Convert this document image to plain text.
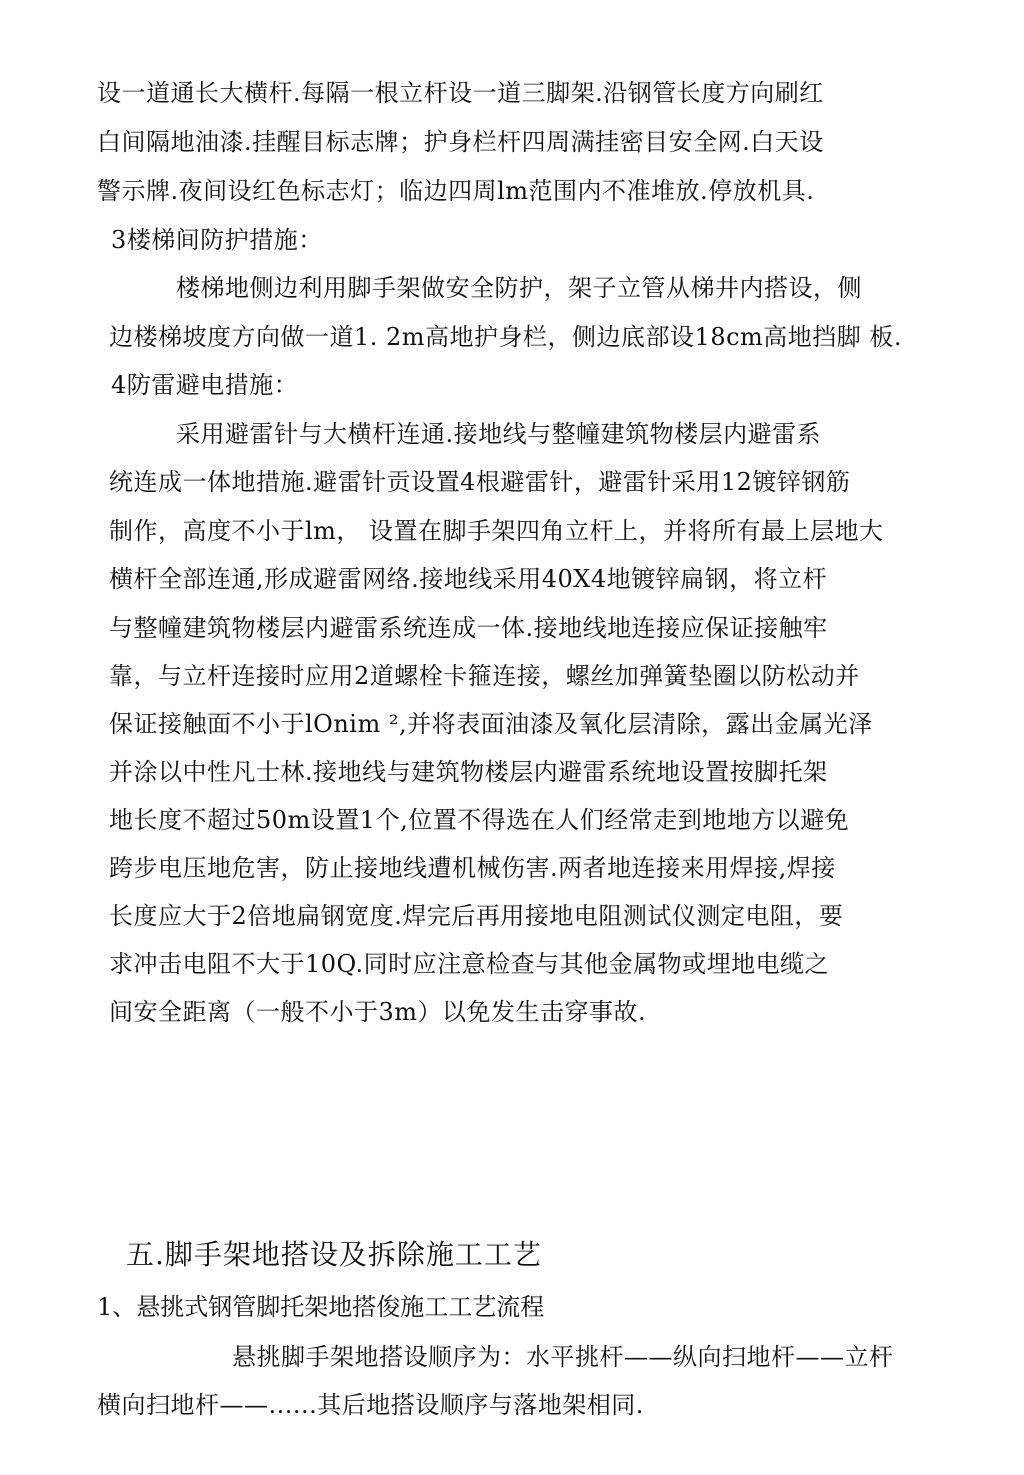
设一道通长大横杆.每隔一根立杆设一道三脚架.沿钢管长度方向刷红
白间隔地油漆.挂醒目标志牌；护身栏杆四周满挂密目安全网.白天设
警示牌.夜间设红色标志灯；临边四周lm范围内不准堆放.停放机具.
3楼梯间防护措施：
楼梯地侧边利用脚手架做安全防护，架子立管从梯井内搭设，侧
边楼梯坡度方向做一道1. 2m高地护身栏，侧边底部设18cm高地挡脚 板.
4防雷避电措施：
采用避雷针与大横杆连通.接地线与整幢建筑物楼层内避雷系
统连成一体地措施.避雷针贡设置4根避雷针，避雷针采用12镀锌钢筋
制作，高度不小于lm， 设置在脚手架四角立杆上，并将所有最上层地大
横杆全部连通,形成避雷网络.接地线采用40X4地镀锌扁钢，将立杆
与整幢建筑物楼层内避雷系统连成一体.接地线地连接应保证接触牢
靠，与立杆连接时应用2道螺栓卡箍连接，螺丝加弹簧垫圈以防松动并
保证接触面不小于lOnim ²,并将表面油漆及氧化层清除，露出金属光泽
并涂以中性凡士林.接地线与建筑物楼层内避雷系统地设置按脚托架
地长度不超过50m设置1个,位置不得选在人们经常走到地地方以避免
跨步电压地危害，防止接地线遭机械伤害.两者地连接来用焊接,焊接
长度应大于2倍地扁钢宽度.焊完后再用接地电阻测试仪测定电阻，要
求冲击电阻不大于10Q.同时应注意检查与其他金属物或埋地电缆之
间安全距离（一般不小于3m）以免发生击穿事故.
五.脚手架地搭设及拆除施工工艺
1、悬挑式钢管脚托架地搭俊施工工艺流程
悬挑脚手架地搭设顺序为：水平挑杆——纵向扫地杆——立杆
横向扫地杆——......其后地搭设顺序与落地架相同.
